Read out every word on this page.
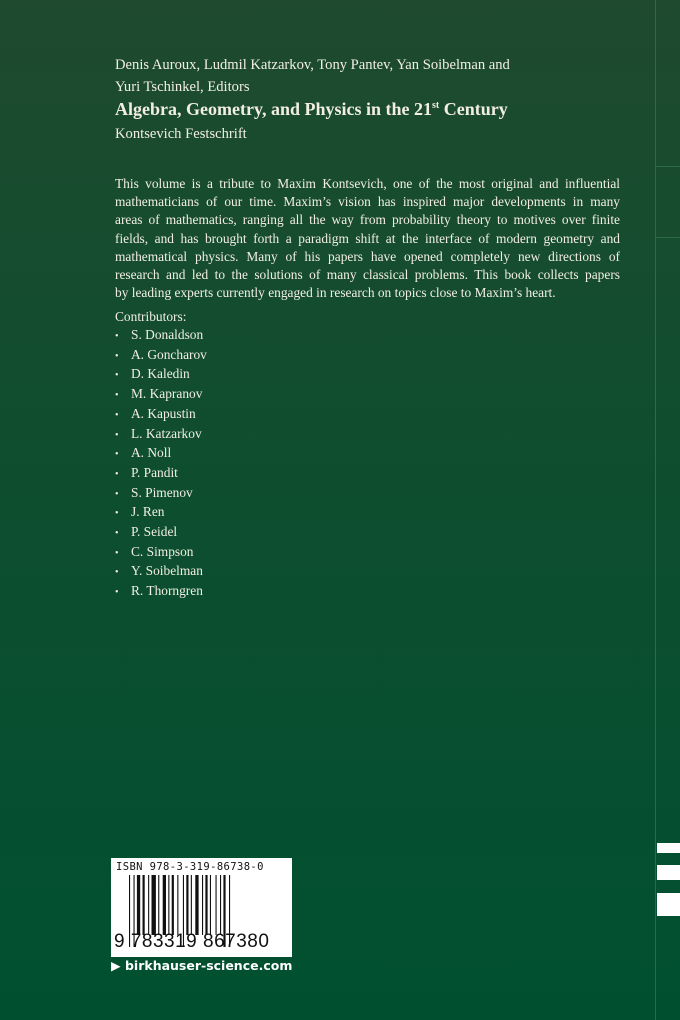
Denis Auroux, Ludmil Katzarkov, Tony Pantev, Yan Soibelman and
Yuri Tschinkel, Editors
Algebra, Geometry, and Physics in the 21st Century
Kontsevich Festschrift
This volume is a tribute to Maxim Kontsevich, one of the most original and influential
mathematicians of our time. Maxim’s vision has inspired major developments in many
areas of mathematics, ranging all the way from probability theory to motives over finite
fields, and has brought forth a paradigm shift at the interface of modern geometry and
mathematical physics. Many of his papers have opened completely new directions of
research and led to the solutions of many classical problems. This book collects papers
by leading experts currently engaged in research on topics close to Maxim’s heart.
Contributors:
• S. Donaldson
• A. Goncharov
• D. Kaledin
• M. Kapranov
• A. Kapustin
• L. Katzarkov
• A. Noll
• P. Pandit
• S. Pimenov
• J. Ren
• P. Seidel
• C. Simpson
• Y. Soibelman
• R. Thorngren
ISBN 978-3-319-86738-0
9 783319 867380
▶ birkhauser-science.com
